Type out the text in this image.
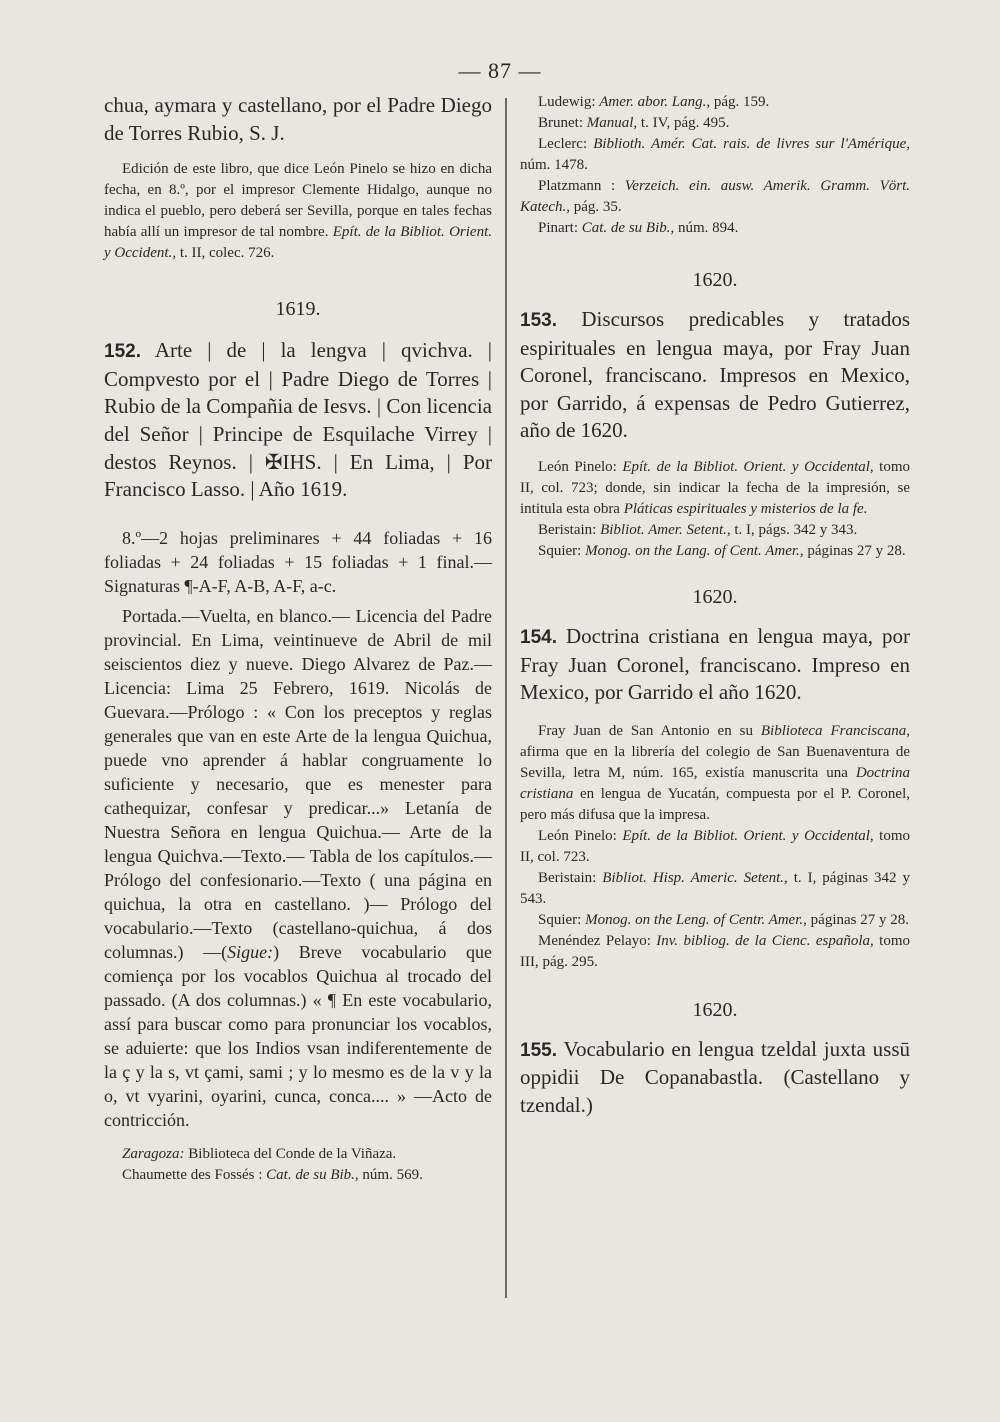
— 87 —

chua, aymara y castellano, por el Padre Diego de Torres Rubio, S. J.

Edición de este libro, que dice León Pinelo se hizo en dicha fecha, en 8.º, por el impresor Clemente Hidalgo, aunque no indica el pueblo, pero deberá ser Sevilla, porque en tales fechas había allí un impresor de tal nombre. Epít. de la Bibliot. Orient. y Occident., t. II, colec. 726.

1619.

152. Arte | de | la lengva | qvichva. | Compvesto por el | Padre Diego de Torres | Rubio de la Compañia de Iesvs. | Con licencia del Señor | Principe de Esquilache Virrey | destos Reynos. | ✠IHS. | En Lima, | Por Francisco Lasso. | Año 1619.

8.º—2 hojas preliminares + 44 foliadas + 16 foliadas + 24 foliadas + 15 foliadas + 1 final.— Signaturas ¶-A-F, A-B, A-F, a-c.

Portada.—Vuelta, en blanco.— Licencia del Padre provincial. En Lima, veintinueve de Abril de mil seiscientos diez y nueve. Diego Alvarez de Paz.—Licencia: Lima 25 Febrero, 1619. Nicolás de Guevara.—Prólogo : « Con los preceptos y reglas generales que van en este Arte de la lengua Quichua, puede vno aprender á hablar congruamente lo suficiente y necesario, que es menester para cathequizar, confesar y predicar...» Letanía de Nuestra Señora en lengua Quichua.— Arte de la lengua Quichva.—Texto.— Tabla de los capítulos.—Prólogo del confesionario.—Texto ( una página en quichua, la otra en castellano. )— Prólogo del vocabulario.—Texto (castellano-quichua, á dos columnas.) —(Sigue:) Breve vocabulario que comiença por los vocablos Quichua al trocado del passado. (A dos columnas.) « ¶ En este vocabulario, assí para buscar como para pronunciar los vocablos, se aduierte: que los Indios vsan indiferentemente de la ç y la s, vt çami, sami ; y lo mesmo es de la v y la o, vt vyarini, oyarini, cunca, conca.... » —Acto de contricción.

Zaragoza: Biblioteca del Conde de la Viñaza.

Chaumette des Fossés : Cat. de su Bib., núm. 569.

Ludewig: Amer. abor. Lang., pág. 159.

Brunet: Manual, t. IV, pág. 495.

Leclerc: Biblioth. Amér. Cat. rais. de livres sur l'Amérique, núm. 1478.

Platzmann : Verzeich. ein. ausw. Amerik. Gramm. Vört. Katech., pág. 35.

Pinart: Cat. de su Bib., núm. 894.

1620.

153. Discursos predicables y tratados espirituales en lengua maya, por Fray Juan Coronel, franciscano. Impresos en Mexico, por Garrido, á expensas de Pedro Gutierrez, año de 1620.

León Pinelo: Epít. de la Bibliot. Orient. y Occidental, tomo II, col. 723; donde, sin indicar la fecha de la impresión, se intitula esta obra Pláticas espirituales y misterios de la fe.

Beristain: Bibliot. Amer. Setent., t. I, págs. 342 y 343.

Squier: Monog. on the Lang. of Cent. Amer., páginas 27 y 28.

1620.

154. Doctrina cristiana en lengua maya, por Fray Juan Coronel, franciscano. Impreso en Mexico, por Garrido el año 1620.

Fray Juan de San Antonio en su Biblioteca Franciscana, afirma que en la librería del colegio de San Buenaventura de Sevilla, letra M, núm. 165, existía manuscrita una Doctrina cristiana en lengua de Yucatán, compuesta por el P. Coronel, pero más difusa que la impresa.

León Pinelo: Epít. de la Bibliot. Orient. y Occidental, tomo II, col. 723.

Beristain: Bibliot. Hisp. Americ. Setent., t. I, páginas 342 y 543.

Squier: Monog. on the Leng. of Centr. Amer., páginas 27 y 28.

Menéndez Pelayo: Inv. bibliog. de la Cienc. española, tomo III, pág. 295.

1620.

155. Vocabulario en lengua tzeldal juxta ussū oppidii De Copanabastla. (Castellano y tzendal.)
